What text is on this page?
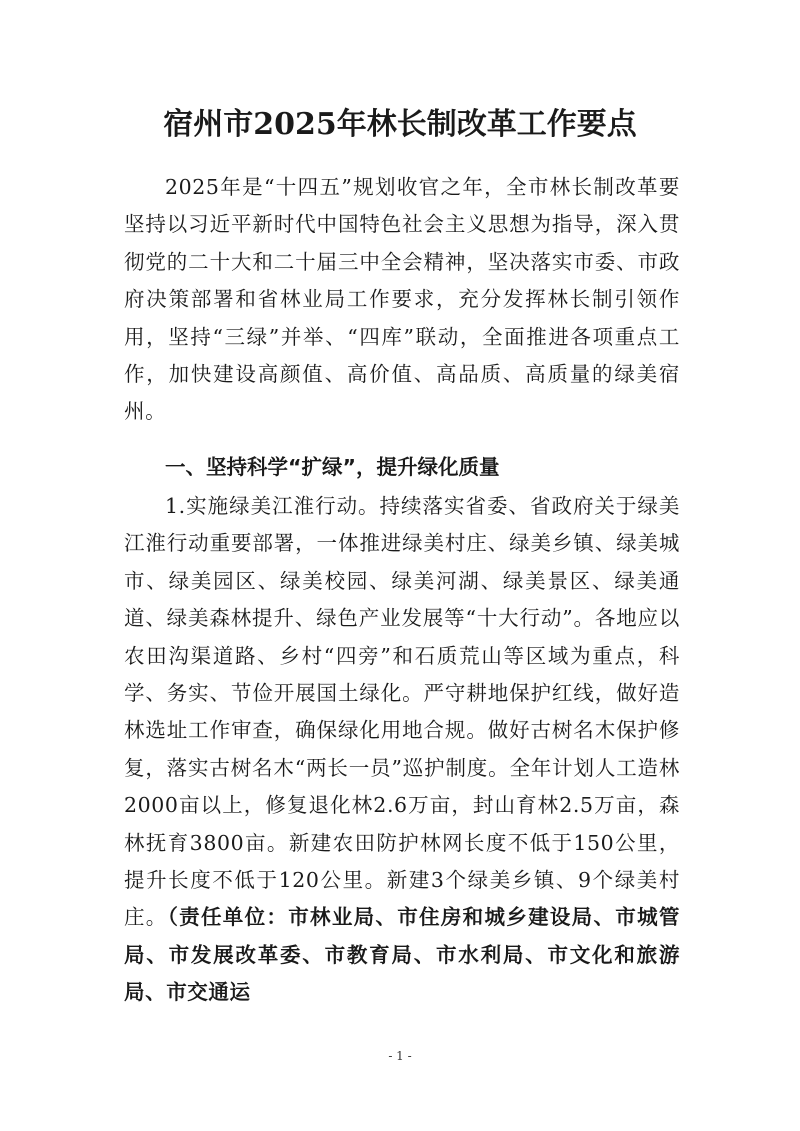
宿州市2025年林长制改革工作要点

2025年是“十四五”规划收官之年，全市林长制改革要坚持以习近平新时代中国特色社会主义思想为指导，深入贯彻党的二十大和二十届三中全会精神，坚决落实市委、市政府决策部署和省林业局工作要求，充分发挥林长制引领作用，坚持“三绿”并举、“四库”联动，全面推进各项重点工作，加快建设高颜值、高价值、高品质、高质量的绿美宿州。

一、坚持科学“扩绿”，提升绿化质量

1.实施绿美江淮行动。持续落实省委、省政府关于绿美江淮行动重要部署，一体推进绿美村庄、绿美乡镇、绿美城市、绿美园区、绿美校园、绿美河湖、绿美景区、绿美通道、绿美森林提升、绿色产业发展等“十大行动”。各地应以农田沟渠道路、乡村“四旁”和石质荒山等区域为重点，科学、务实、节俭开展国土绿化。严守耕地保护红线，做好造林选址工作审查，确保绿化用地合规。做好古树名木保护修复，落实古树名木“两长一员”巡护制度。全年计划人工造林2000亩以上，修复退化林2.6万亩，封山育林2.5万亩，森林抚育3800亩。新建农田防护林网长度不低于150公里，提升长度不低于120公里。新建3个绿美乡镇、9个绿美村庄。（责任单位：市林业局、市住房和城乡建设局、市城管局、市发展改革委、市教育局、市水利局、市文化和旅游局、市交通运

- 1 -
